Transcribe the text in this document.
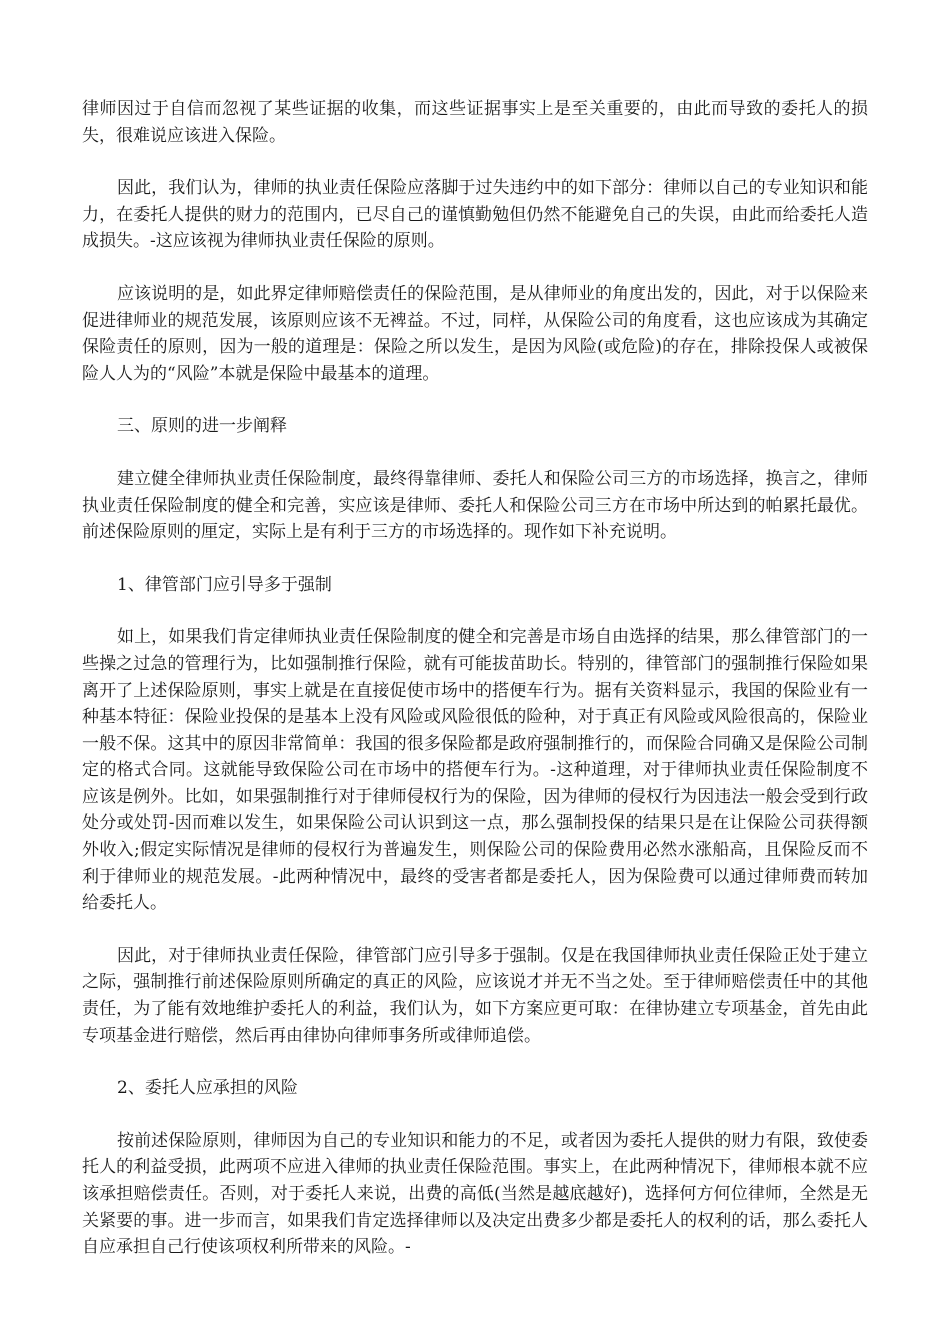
律师因过于自信而忽视了某些证据的收集，而这些证据事实上是至关重要的，由此而导致的委托人的损失，很难说应该进入保险。

因此，我们认为，律师的执业责任保险应落脚于过失违约中的如下部分：律师以自己的专业知识和能力，在委托人提供的财力的范围内，已尽自己的谨慎勤勉但仍然不能避免自己的失误，由此而给委托人造成损失。-这应该视为律师执业责任保险的原则。

应该说明的是，如此界定律师赔偿责任的保险范围，是从律师业的角度出发的，因此，对于以保险来促进律师业的规范发展，该原则应该不无裨益。不过，同样，从保险公司的角度看，这也应该成为其确定保险责任的原则，因为一般的道理是：保险之所以发生，是因为风险(或危险)的存在，排除投保人或被保险人人为的“风险”本就是保险中最基本的道理。

三、原则的进一步阐释

建立健全律师执业责任保险制度，最终得靠律师、委托人和保险公司三方的市场选择，换言之，律师执业责任保险制度的健全和完善，实应该是律师、委托人和保险公司三方在市场中所达到的帕累托最优。前述保险原则的厘定，实际上是有利于三方的市场选择的。现作如下补充说明。

1、律管部门应引导多于强制

如上，如果我们肯定律师执业责任保险制度的健全和完善是市场自由选择的结果，那么律管部门的一些操之过急的管理行为，比如强制推行保险，就有可能拔苗助长。特别的，律管部门的强制推行保险如果离开了上述保险原则，事实上就是在直接促使市场中的搭便车行为。据有关资料显示，我国的保险业有一种基本特征：保险业投保的是基本上没有风险或风险很低的险种，对于真正有风险或风险很高的，保险业一般不保。这其中的原因非常简单：我国的很多保险都是政府强制推行的，而保险合同确又是保险公司制定的格式合同。这就能导致保险公司在市场中的搭便车行为。-这种道理，对于律师执业责任保险制度不应该是例外。比如，如果强制推行对于律师侵权行为的保险，因为律师的侵权行为因违法一般会受到行政处分或处罚-因而难以发生，如果保险公司认识到这一点，那么强制投保的结果只是在让保险公司获得额外收入;假定实际情况是律师的侵权行为普遍发生，则保险公司的保险费用必然水涨船高，且保险反而不利于律师业的规范发展。-此两种情况中，最终的受害者都是委托人，因为保险费可以通过律师费而转加给委托人。

因此，对于律师执业责任保险，律管部门应引导多于强制。仅是在我国律师执业责任保险正处于建立之际，强制推行前述保险原则所确定的真正的风险，应该说才并无不当之处。至于律师赔偿责任中的其他责任，为了能有效地维护委托人的利益，我们认为，如下方案应更可取：在律协建立专项基金，首先由此专项基金进行赔偿，然后再由律协向律师事务所或律师追偿。

2、委托人应承担的风险

按前述保险原则，律师因为自己的专业知识和能力的不足，或者因为委托人提供的财力有限，致使委托人的利益受损，此两项不应进入律师的执业责任保险范围。事实上，在此两种情况下，律师根本就不应该承担赔偿责任。否则，对于委托人来说，出费的高低(当然是越底越好)，选择何方何位律师，全然是无关紧要的事。进一步而言，如果我们肯定选择律师以及决定出费多少都是委托人的权利的话，那么委托人自应承担自己行使该项权利所带来的风险。-
